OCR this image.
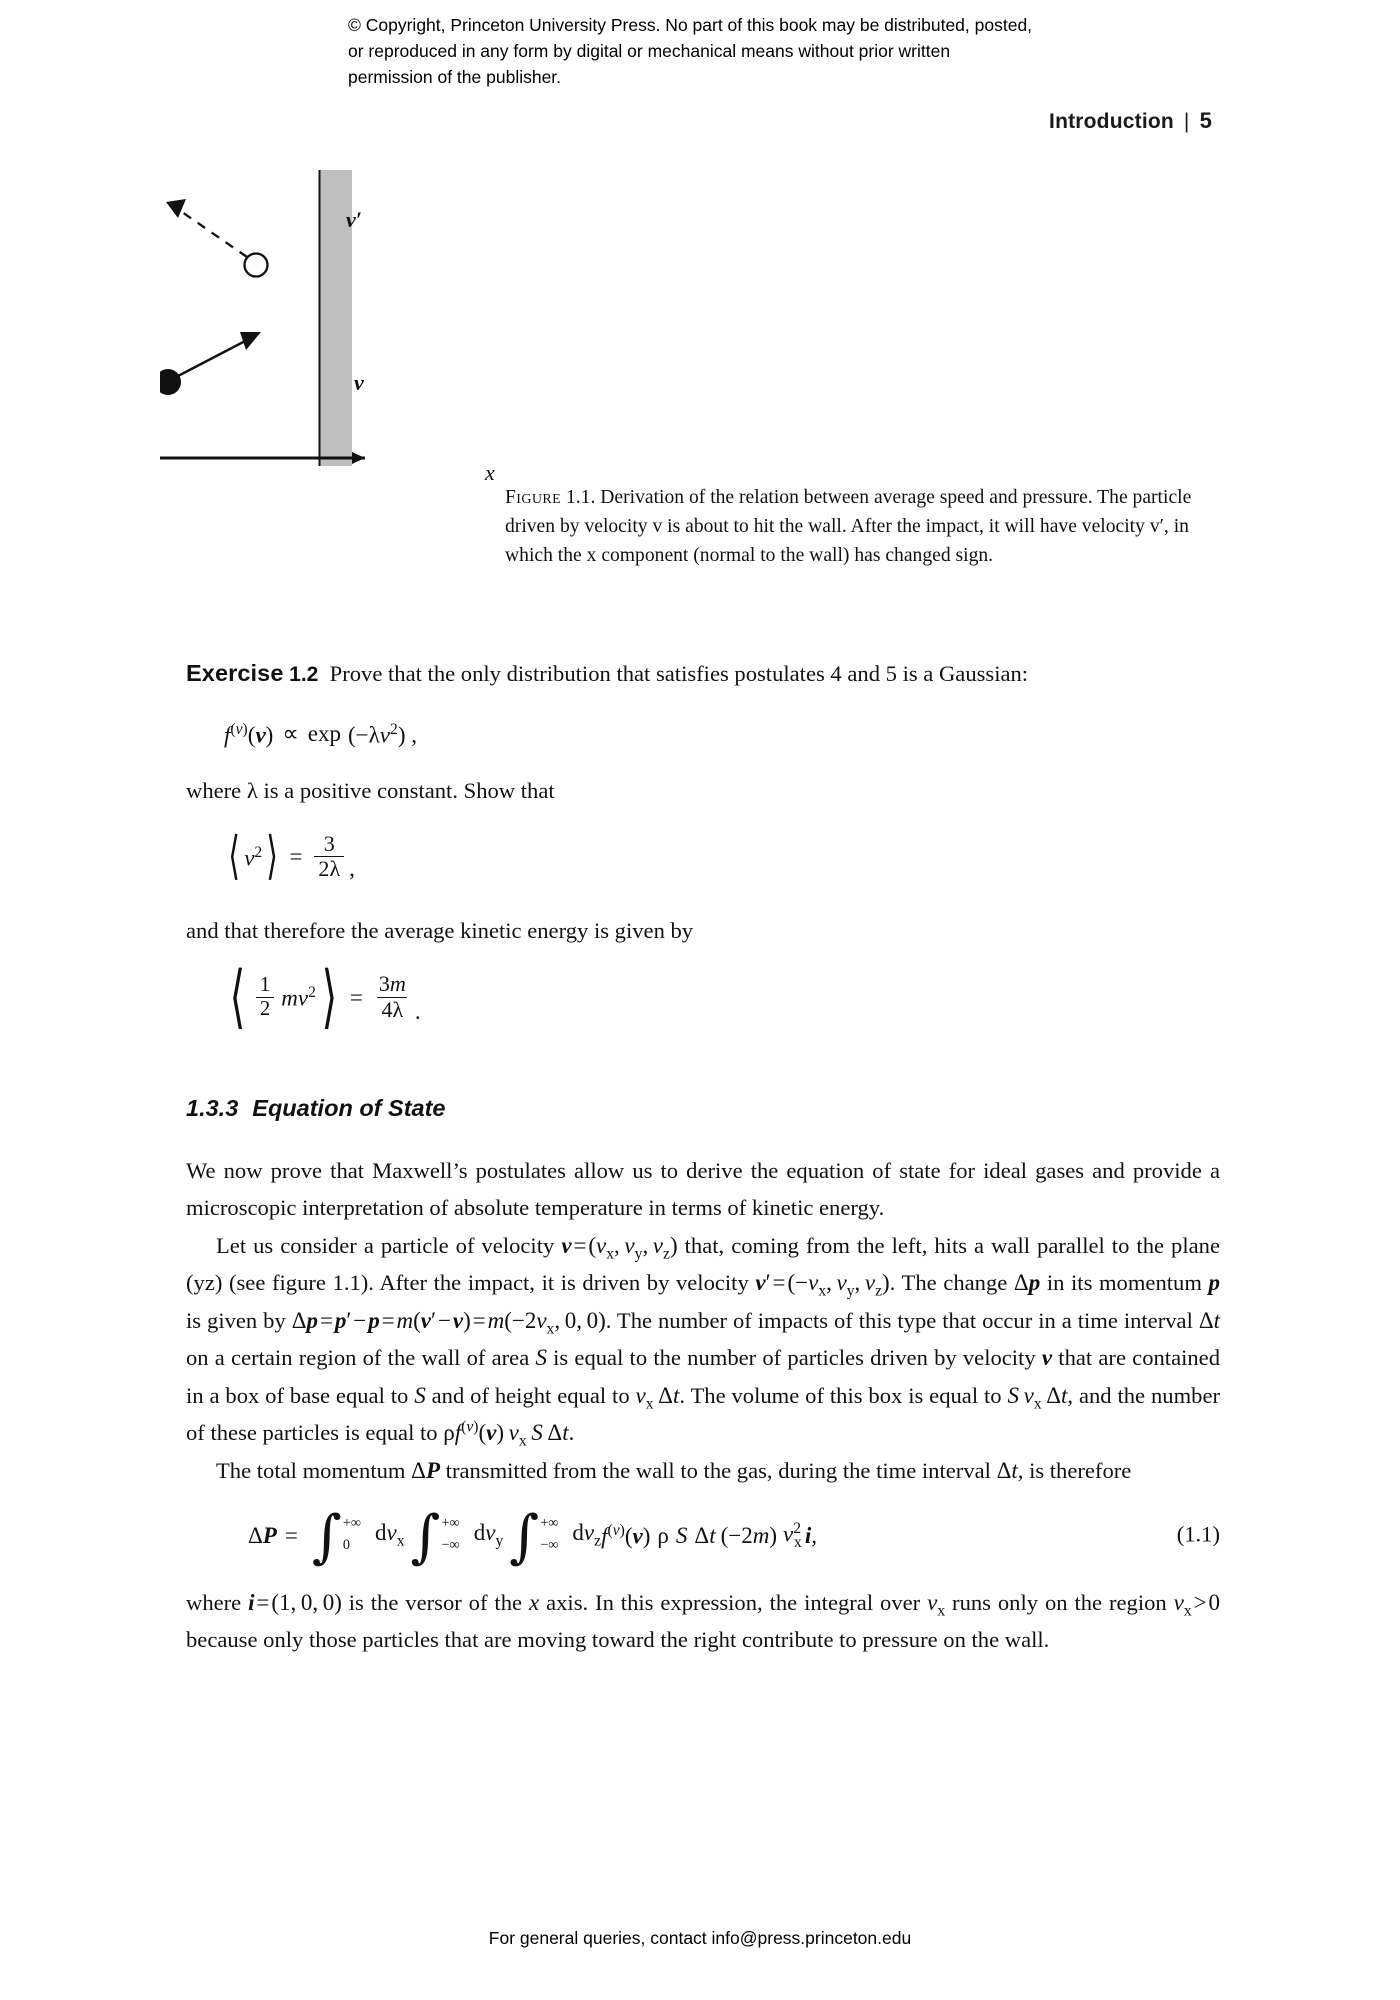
© Copyright, Princeton University Press. No part of this book may be distributed, posted, or reproduced in any form by digital or mechanical means without prior written permission of the publisher.
Introduction | 5
v
v′
x
Figure 1.1. Derivation of the relation between average speed and pressure. The particle driven by velocity v is about to hit the wall. After the impact, it will have velocity v′, in which the x component (normal to the wall) has changed sign.

Exercise 1.2 Prove that the only distribution that satisfies postulates 4 and 5 is a Gaussian:

$f^{(v)}(v) \propto \exp (-\lambda v^2)$ ,

where λ is a positive constant. Show that

⟨ $v^2$ ⟩ = $\frac{3}{2\lambda}$ ,

and that therefore the average kinetic energy is given by

⟨ $\frac{1}{2} mv^2$ ⟩ = $\frac{3m}{4\lambda}$ .
1.3.3 Equation of State

We now prove that Maxwell’s postulates allow us to derive the equation of state for ideal gases and provide a microscopic interpretation of absolute temperature in terms of kinetic energy.

Let us consider a particle of velocity v = ($v_x$, $v_y$, $v_z$) that, coming from the left, hits a wall parallel to the plane (yz) (see figure 1.1). After the impact, it is driven by velocity v′ = ($-v_x$, $v_y$, $v_z$). The change Δp in its momentum p is given by Δp = p′ − p = m(v′ − v) = $m(-2v_x$, 0, 0). The number of impacts of this type that occur in a time interval Δt on a certain region of the wall of area S is equal to the number of particles driven by velocity v that are contained in a box of base equal to S and of height equal to $v_x$ Δt. The volume of this box is equal to S  $v_x$ Δt, and the number of these particles is equal to $\rho f^{(v)}(v)$ $v_x$  S Δt.

The total momentum ΔP transmitted from the wall to the gas, during the time interval Δt, is therefore

ΔP = ∫ +∞
0
$dv_x$ ∫ +∞
−∞
$dv_y$ ∫ +∞
−∞
$dv_z$ $f^{(v)}(v)$ ρ S Δt (−2m) $v^2_x$ i ,	(1.1)

where i = (1, 0, 0) is the versor of the x axis. In this expression, the integral over $v_x$ runs only on the region $v_x$ > 0 because only those particles that are moving toward the right contribute to pressure on the wall.

For general queries, contact info@press.princeton.edu
